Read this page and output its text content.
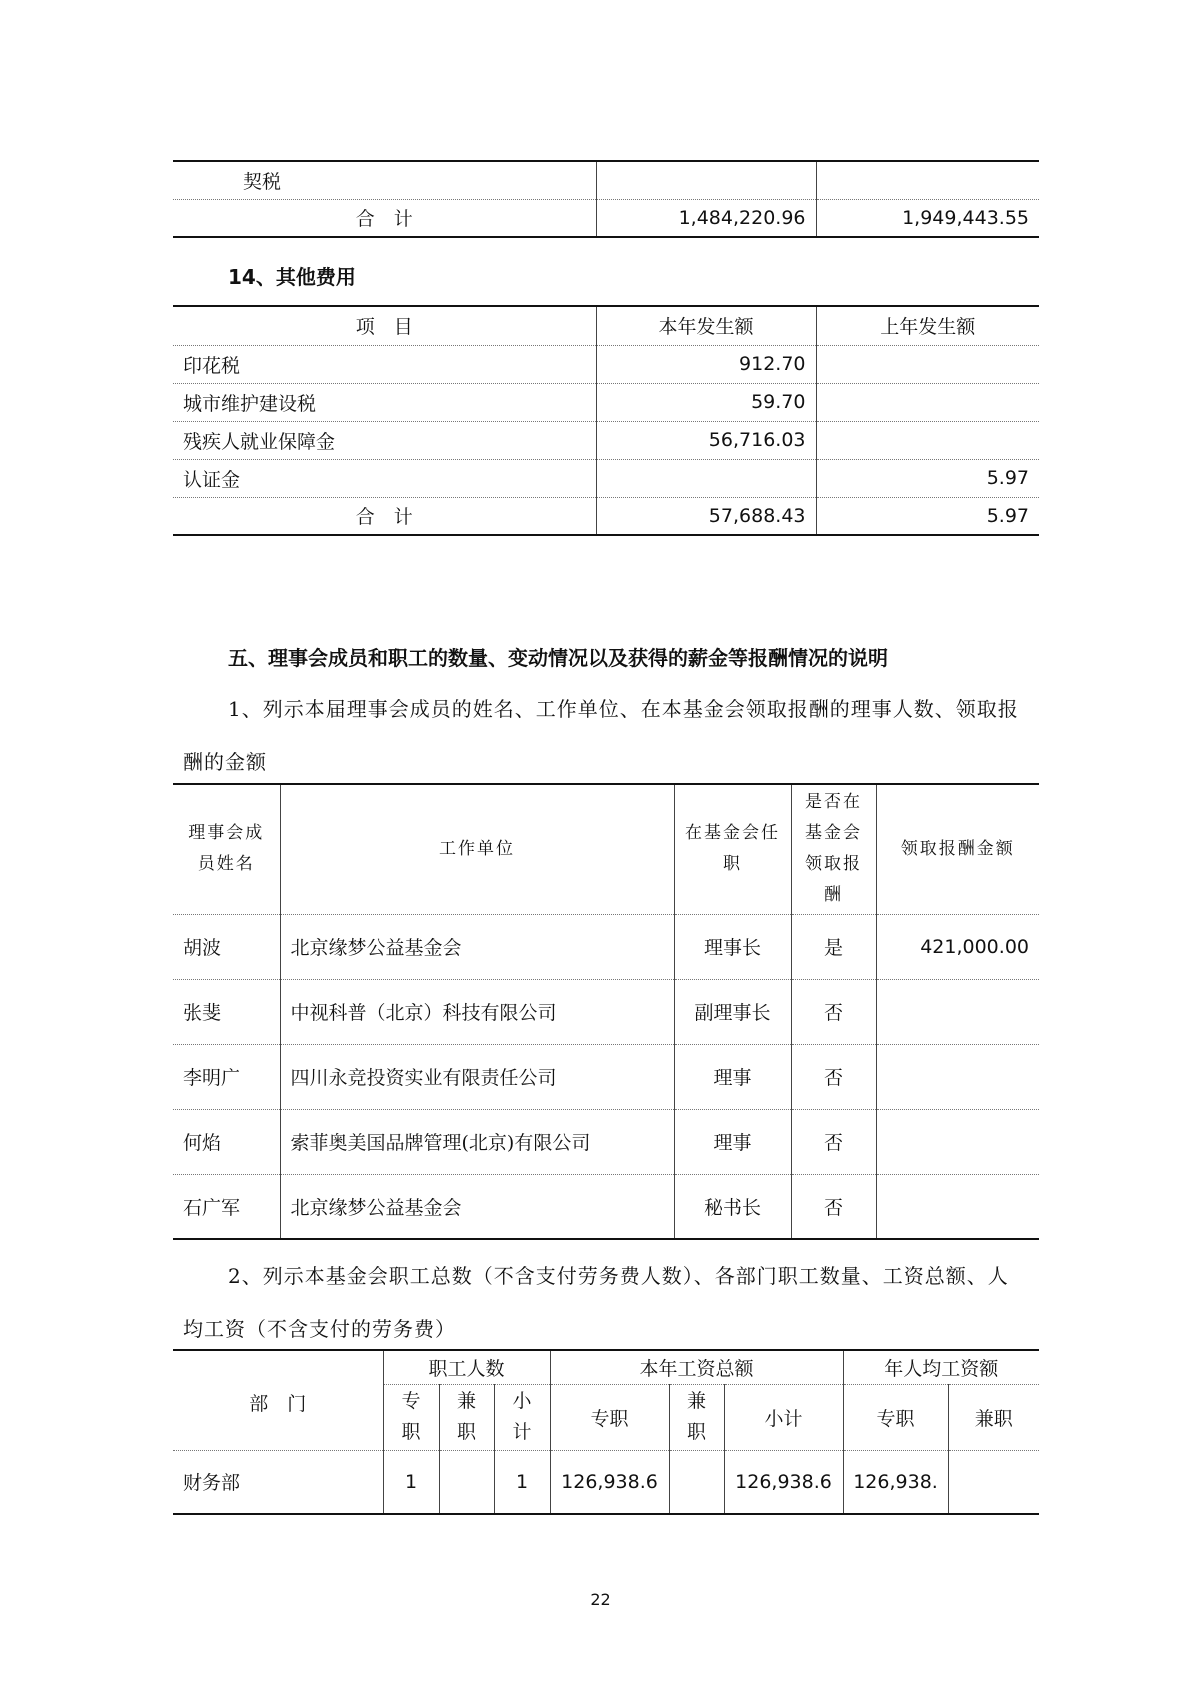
契税		
合　计	1,484,220.96	1,949,443.55
14、其他费用
项　目	本年发生额	上年发生额
印花税	912.70	
城市维护建设税	59.70	
残疾人就业保障金	56,716.03	
认证金		5.97
合　计	57,688.43	5.97
五、理事会成员和职工的数量、变动情况以及获得的薪金等报酬情况的说明
1、列示本届理事会成员的姓名、工作单位、在本基金会领取报酬的理事人数、领取报
酬的金额
理事会成员姓名	工作单位	在基金会任职	是否在基金会领取报酬	领取报酬金额
胡波	北京缘梦公益基金会	理事长	是	421,000.00
张斐	中视科普（北京）科技有限公司	副理事长	否	
李明广	四川永竞投资实业有限责任公司	理事	否	
何焰	索菲奥美国品牌管理(北京)有限公司	理事	否	
石广军	北京缘梦公益基金会	秘书长	否	
2、列示本基金会职工总数（不含支付劳务费人数）、各部门职工数量、工资总额、人
均工资（不含支付的劳务费）
部　门	职工人数			本年工资总额			年人均工资额	
	专职	兼职	小计	专职	兼职	小计	专职	兼职
财务部	1		1	126,938.6		126,938.6	126,938.	
22
